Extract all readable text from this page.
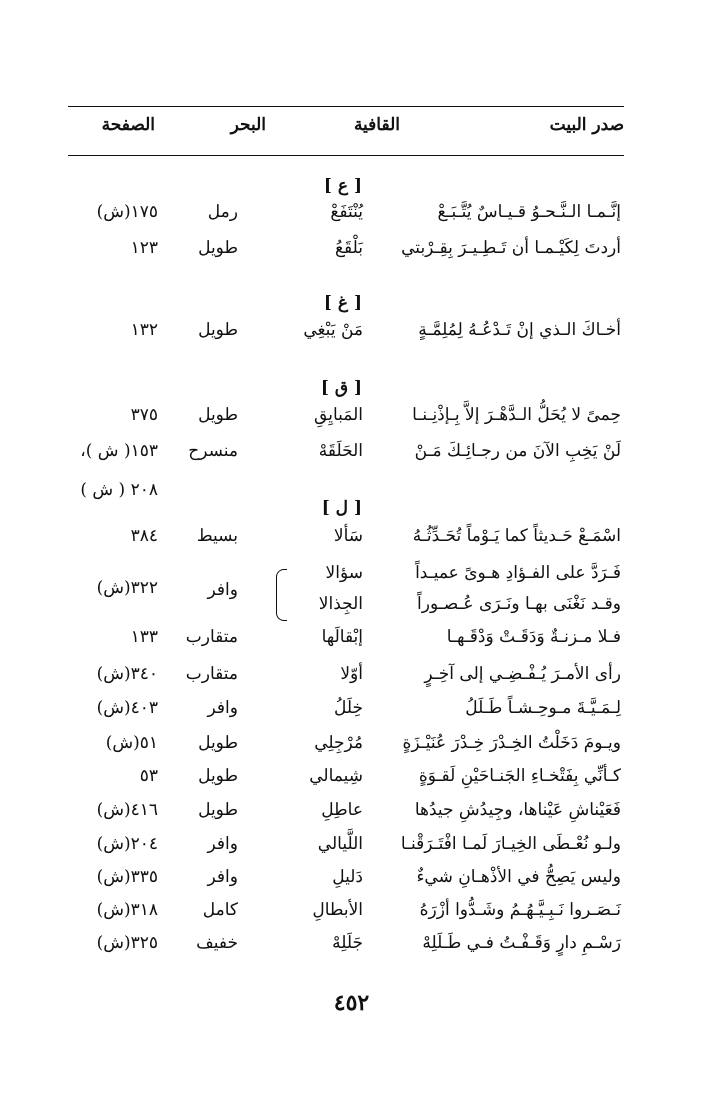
صدر البيت
القافية
البحر
الصفحة
[ ع ]
إنَّـمـا الـنَّـحـوُ قـيـاسٌ يُتَّـبَـعْ
يُنْتَفَعْ
رمل
١٧٥(ش)
أردتَ لِكَيْـمـا أن تَـطِـيـرَ بِقِـرْبتي
بَلْقَعُ
طويل
١٢٣
[ غ ]
أخـاكَ الـذي إنْ تَـدْعُـهُ لِمُلِمَّـةٍ
مَنْ يَبْغِي
طويل
١٣٢
[ ق ]
حِمىً لا يُحَلُّ الـدَّهْـرَ إلاَّ بِـإذْنِـنـا
المَبايِقِ
طويل
٣٧٥
لَنْ يَخِبِ الآنَ من رجـائِـكَ مَـنْ
الحَلَقَهْ
منسرح
١٥٣( ش )،
٢٠٨ ( ش )
[ ل ]
اسْمَـعْ حَـديثاً كما يَـوْماً تُحَـدِّثُـهُ
سَألا
بسيط
٣٨٤
فَـرَدَّ على الفـؤادِ هـوىً عميـداً
سؤالا
وقـد نَغْنَى بهـا ونَـرَى عُـصـوراً
الجِذالا
وافر
٣٢٢(ش)
فـلا مـزنـةٌ وَدَقَـتْ وَدْقَـهـا
إبْقالَها
متقارب
١٣٣
رأى الأمـرَ يُـفْـضِـي إلى آخِـرٍ
أوّلا
متقارب
٣٤٠(ش)
لِـمَـيَّـةَ مـوحِـشـاً طَـلَلُ
خِلَلُ
وافر
٤٠٣(ش)
ويـومَ دَخَلْتُ الخِـدْرَ خِـدْرَ عُنَيْـزَةٍ
مُرْجِلِي
طويل
٥١(ش)
كـأنِّي بِفَتْخـاءِ الجَنـاحَيْنِ لَقـوَةٍ
شِيمالي
طويل
٥٣
فَعَيْناشِ عَيْناها، وجِيدُشِ جيدُها
عاطِلِ
طويل
٤١٦(ش)
ولـو نُعْـطَى الخِيـارَ لَمـا افْتَـرَقْنـا
اللَّيالي
وافر
٢٠٤(ش)
وليس يَصِحُّ في الأذْهـانِ شيءٌ
دَليلِ
وافر
٣٣٥(ش)
نَـصَـروا نَـبِـيَّـهُـمُ وشَـدُّوا أزْرَهُ
الأبطالِ
كامل
٣١٨(ش)
رَسْـمِ دارٍ وَقَـفْـتُ فـي طَـلَلِهْ
جَلَلِهْ
خفيف
٣٢٥(ش)
٤٥٢
